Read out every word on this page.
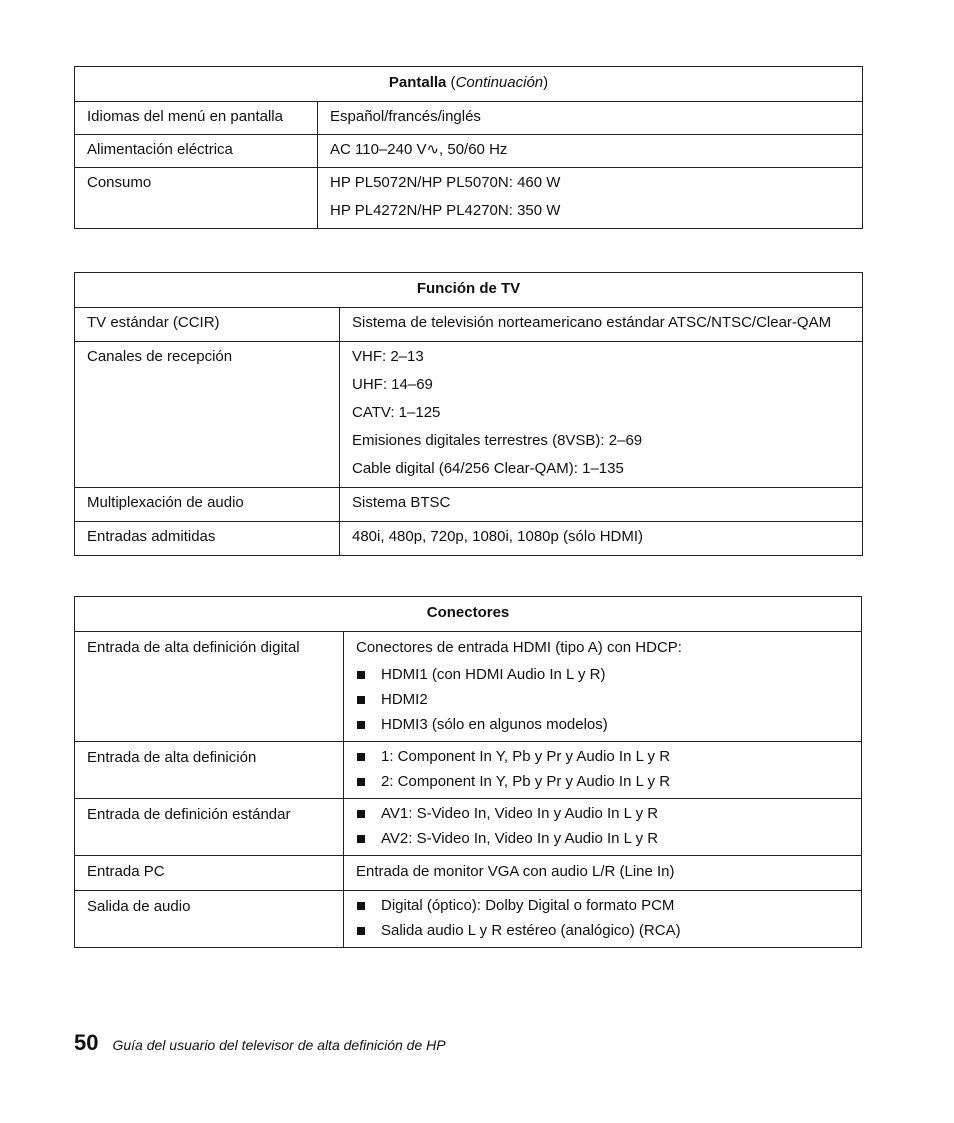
Pantalla (Continuación)	
Idiomas del menú en pantalla	Español/francés/inglés

Alimentación eléctrica	AC 110–240 V∿, 50/60 Hz

Consumo	HP PL5072N/HP PL5070N: 460 W
HP PL4272N/HP PL4270N: 350 W
Función de TV	
TV estándar (CCIR)	Sistema de televisión norteamericano estándar ATSC/NTSC/Clear-QAM

Canales de recepción	VHF: 2–13
UHF: 14–69
CATV: 1–125
Emisiones digitales terrestres (8VSB): 2–69
Cable digital (64/256 Clear-QAM): 1–135

Multiplexación de audio	Sistema BTSC

Entradas admitidas	480i, 480p, 720p, 1080i, 1080p (sólo HDMI)
Conectores	
Entrada de alta definición digital	Conectores de entrada HDMI (tipo A) con HDCP:
HDMI1 (con HDMI Audio In L y R)
HDMI2
HDMI3 (sólo en algunos modelos)

Entrada de alta definición	1: Component In Y, Pb y Pr y Audio In L y R
2: Component In Y, Pb y Pr y Audio In L y R

Entrada de definición estándar	AV1: S-Video In, Video In y Audio In L y R
AV2: S-Video In, Video In y Audio In L y R

Entrada PC	Entrada de monitor VGA con audio L/R (Line In)
Salida de audio	Digital (óptico): Dolby Digital o formato PCM
Salida audio L y R estéreo (analógico) (RCA)
50 Guía del usuario del televisor de alta definición de HP
